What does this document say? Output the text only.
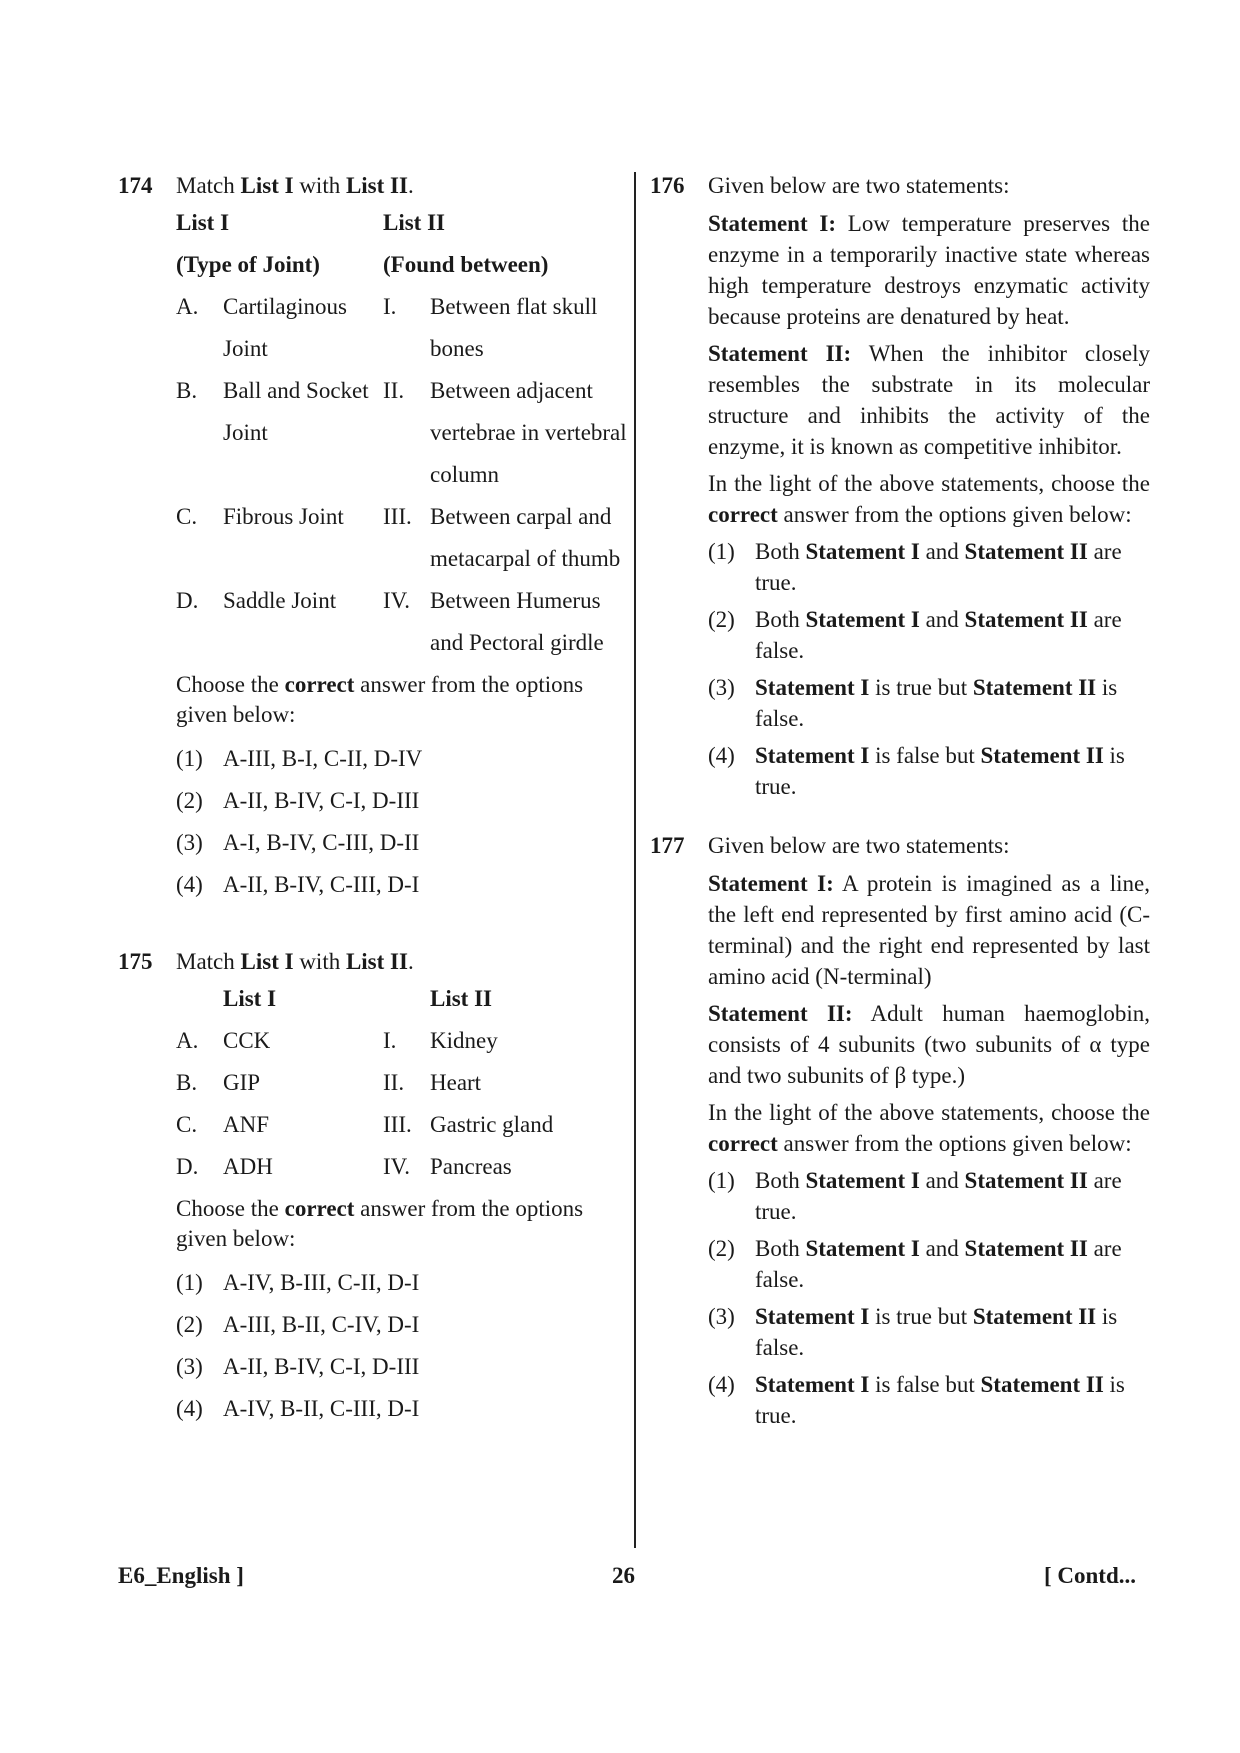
174 Match List I with List II.
List I		List II	
(Type of Joint)		(Found between)	
A.	Cartilaginous Joint	I.	Between flat skull bones
B.	Ball and Socket Joint	II.	Between adjacent vertebrae in vertebral column
C.	Fibrous Joint	III.	Between carpal and metacarpal of thumb
D.	Saddle Joint	IV.	Between Humerus and Pectoral girdle
Choose the correct answer from the options given below:
(1) A-III, B-I, C-II, D-IV
(2) A-II, B-IV, C-I, D-III
(3) A-I, B-IV, C-III, D-II
(4) A-II, B-IV, C-III, D-I
175 Match List I with List II.
	List I		List II
A.	CCK	I.	Kidney
B.	GIP	II.	Heart
C.	ANF	III.	Gastric gland
D.	ADH	IV.	Pancreas
Choose the correct answer from the options given below:
(1) A-IV, B-III, C-II, D-I
(2) A-III, B-II, C-IV, D-I
(3) A-II, B-IV, C-I, D-III
(4) A-IV, B-II, C-III, D-I
176 Given below are two statements:
Statement I: Low temperature preserves the enzyme in a temporarily inactive state whereas high temperature destroys enzymatic activity because proteins are denatured by heat.
Statement II: When the inhibitor closely resembles the substrate in its molecular structure and inhibits the activity of the enzyme, it is known as competitive inhibitor.
In the light of the above statements, choose the correct answer from the options given below:
(1) Both Statement I and Statement II are true.
(2) Both Statement I and Statement II are false.
(3) Statement I is true but Statement II is false.
(4) Statement I is false but Statement II is true.
177 Given below are two statements:
Statement I: A protein is imagined as a line, the left end represented by first amino acid (C-terminal) and the right end represented by last amino acid (N-terminal)
Statement II: Adult human haemoglobin, consists of 4 subunits (two subunits of α type and two subunits of β type.)
In the light of the above statements, choose the correct answer from the options given below:
(1) Both Statement I and Statement II are true.
(2) Both Statement I and Statement II are false.
(3) Statement I is true but Statement II is false.
(4) Statement I is false but Statement II is true.
E6_English ]	26	[ Contd...
